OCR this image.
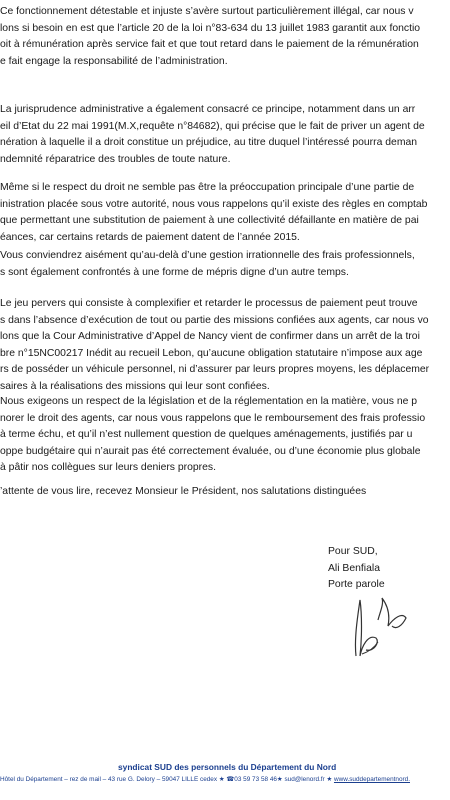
Ce fonctionnement détestable et injuste s’avère surtout particulièrement illégal, car nous v
lons si besoin en est que l’article 20 de la loi n°83-634 du 13 juillet 1983 garantit aux fonctio
oit à rémunération après service fait et que tout retard dans le paiement de la rémunération
e fait engage la responsabilité de l’administration.
La jurisprudence administrative a également consacré ce principe, notamment dans un arr
eil d’Etat du 22 mai 1991(M.X,requête n°84682), qui précise que le fait de priver un agent de
nération à laquelle il a droit constitue un préjudice, au titre duquel l’intéressé pourra deman
ndemnité réparatrice des troubles de toute nature.
Même si le respect du droit ne semble pas être la préoccupation principale d’une partie de
inistration placée sous votre autorité, nous vous rappelons qu’il existe des règles en comptab
que permettant une substitution de paiement à une collectivité défaillante en matière de pai
éances, car certains retards de paiement datent de l’année 2015.
Vous conviendrez aisément qu’au-delà d’une gestion irrationnelle des frais professionnels,
s sont également confrontés à une forme de mépris digne d’un autre temps.
Le jeu pervers qui consiste à complexifier et retarder le processus de paiement peut trouve
s dans l’absence d’exécution de tout ou partie des missions confiées aux agents, car nous vo
lons que la Cour Administrative d’Appel de Nancy vient de confirmer dans un arrêt de la troi
bre n°15NC00217 Inédit au recueil Lebon, qu’aucune obligation statutaire n’impose aux age
rs de posséder un véhicule personnel, ni d’assurer par leurs propres moyens, les déplacemer
saires à la réalisations des missions qui leur sont confiées.
Nous exigeons un respect de la législation et de la réglementation en la matière, vous ne p
norer le droit des agents, car nous vous rappelons que le remboursement des frais professio
à terme échu, et qu’il n’est nullement question de quelques aménagements, justifiés par u
oppe budgétaire qui n’aurait pas été correctement évaluée, ou d’une économie plus globale
à pâtir nos collègues sur leurs deniers propres.
’attente de vous lire, recevez Monsieur le Président, nos salutations distinguées
Pour SUD,
Ali Benfiala
Porte parole
syndicat SUD des personnels du Département du Nord
Hôtel du Département – rez de mail – 43 rue G. Delory – 59047 LILLE cedex ★ ☎03 59 73 58 46★ sud@lenord.fr ★ www.suddepartementnord.
